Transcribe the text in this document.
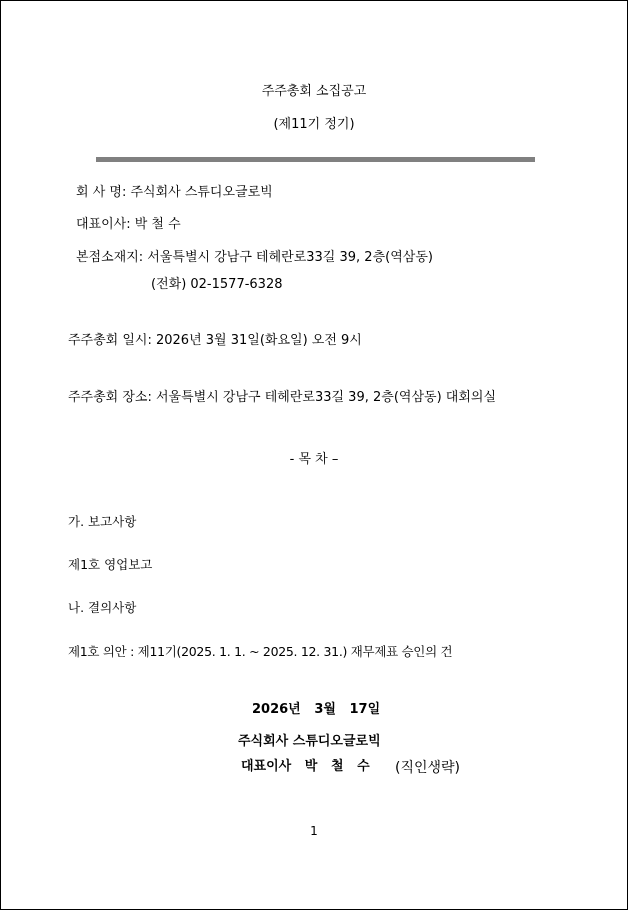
주주총회 소집공고
(제11기 정기)
회 사 명: 주식회사 스튜디오글로빅
대표이사: 박 철 수
본점소재지: 서울특별시 강남구 테헤란로33길 39, 2층(역삼동)
(전화) 02-1577-6328
주주총회 일시: 2026년 3월 31일(화요일) 오전 9시
주주총회 장소: 서울특별시 강남구 테헤란로33길 39, 2층(역삼동) 대회의실
- 목 차 –
가. 보고사항
제1호 영업보고
나. 결의사항
제1호 의안 : 제11기(2025. 1. 1. ~ 2025. 12. 31.) 재무제표 승인의 건
2026년   3월   17일
주식회사 스튜디오글로빅
대표이사   박   철   수 (직인생략)
1
